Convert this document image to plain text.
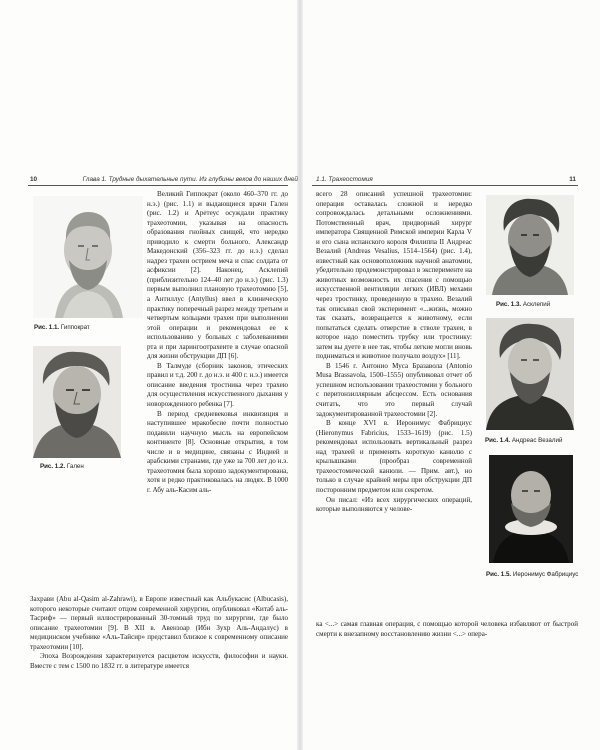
10	Глава 1. Трудные дыхательные пути. Из глубины веков до наших дней	1.1. Трахеостомия	11
Рис. 1.1. Гиппократ
Рис. 1.2. Гален

Великий Гиппократ (около 460–370 гг. до н.э.) (рис. 1.1) и выдающиеся врачи Гален (рис. 1.2) и Аретеус осуждали практику трахеотомии, указывая на опасность образования гнойных свищей, что нередко приводило к смерти больного. Александр Македонский (356–323 гг. до н.э.) сделал надрез трахеи острием меча и спас солдата от асфиксии [2]. Наконец, Асклепий (приблизительно 124–40 лет до н.э.) (рис. 1.3) первым выполнил плановую трахеотомию [5], а Антиллус (Antyllus) ввел в клиническую практику поперечный разрез между третьим и четвертым кольцами трахеи при выполнении этой операции и рекомендовал ее к использованию у больных с заболеваниями рта и при ларингоотрахеите в случае опасной для жизни обструкции ДП [6].

В Талмуде (сборник законов, этических правил и т.д. 200 г. до н.э. и 400 г. н.э.) имеется описание введения тростника через трахею для осуществления искусственного дыхания у новорожденного ребенка [7].

В период средневековья инквизиция и наступившее мракобесие почти полностью подавили научную мысль на европейском континенте [8]. Основные открытия, в том числе и в медицине, связаны с Индией и арабскими странами, где уже за 700 лет до н.э. трахеотомия была хорошо задокументирована, хотя и редко практиковалась на людях. В 1000 г. Абу аль-Касим аль-

Захрави (Abu al-Qasim al-Zahrawi), в Европе известный как Альбукасис (Albucasis), которого некоторые считают отцом современной хирургии, опубликовал «Китаб аль-Тасриф» — первый иллюстрированный 30-томный труд по хирургии, где было описание трахеотомии [9]. В XII в. Авензоар (Ибн Зухр Аль-Андалус) в медицинском учебнике «Аль-Тайсир» представил близкое к современному описание трахеотомии [10].

Эпоха Возрождения характеризуется расцветом искусств, философии и науки. Вместе с тем с 1500 по 1832 гг. в литературе имеется

всего 28 описаний успешной трахеотомии: операция оставалась сложной и нередко сопровождалась детальными осложнениями. Потомственный врач, придворный хирург императора Священной Римской империи Карла V и его сына испанского короля Филиппа II Андреас Везалий (Andreas Vesalius, 1514–1564) (рис. 1.4), известный как основоположник научной анатомии, убедительно продемонстрировал в эксперименте на животных возможность их спасения с помощью искусственной вентиляции легких (ИВЛ) мехами через тростинку, проведенную в трахею. Везалий так описывал свой эксперимент «...жизнь, можно так сказать, возвращается к животному, если попытаться сделать отверстие в стволе трахеи, в которое надо поместить трубку или тростинку: затем вы дуете в нее так, чтобы легкие могли вновь подниматься и животное получало воздух» [11].

В 1546 г. Антонио Муса Бразавола (Antonio Musa Brassavola, 1500–1555) опубликовал отчет об успешном использовании трахеостомии у больного с перитонзиллярным абсцессом. Есть основания считать, что это первый случай задокументированной трахеостомии [2].

В конце XVI в. Иеронимус Фабрициус (Hieronymus Fabricius, 1533–1619) (рис. 1.5) рекомендовал использовать вертикальный разрез над трахеей и применять короткую канюлю с крылышками (прообраз современной трахеостомической канюли. — Прим. авт.), но только в случае крайней меры при обструкции ДП посторонним предметом или секретом.

Он писал: «Из всех хирургических операций, которые выполняются у челове-

ка <...> самая главная операция, с помощью которой человека избавляют от быстрой смерти к внезапному восстановлению жизни <...> опера-

Рис. 1.3. Асклепий
Рис. 1.4. Андреас Везалий
Рис. 1.5. Иеронимус Фабрициус
